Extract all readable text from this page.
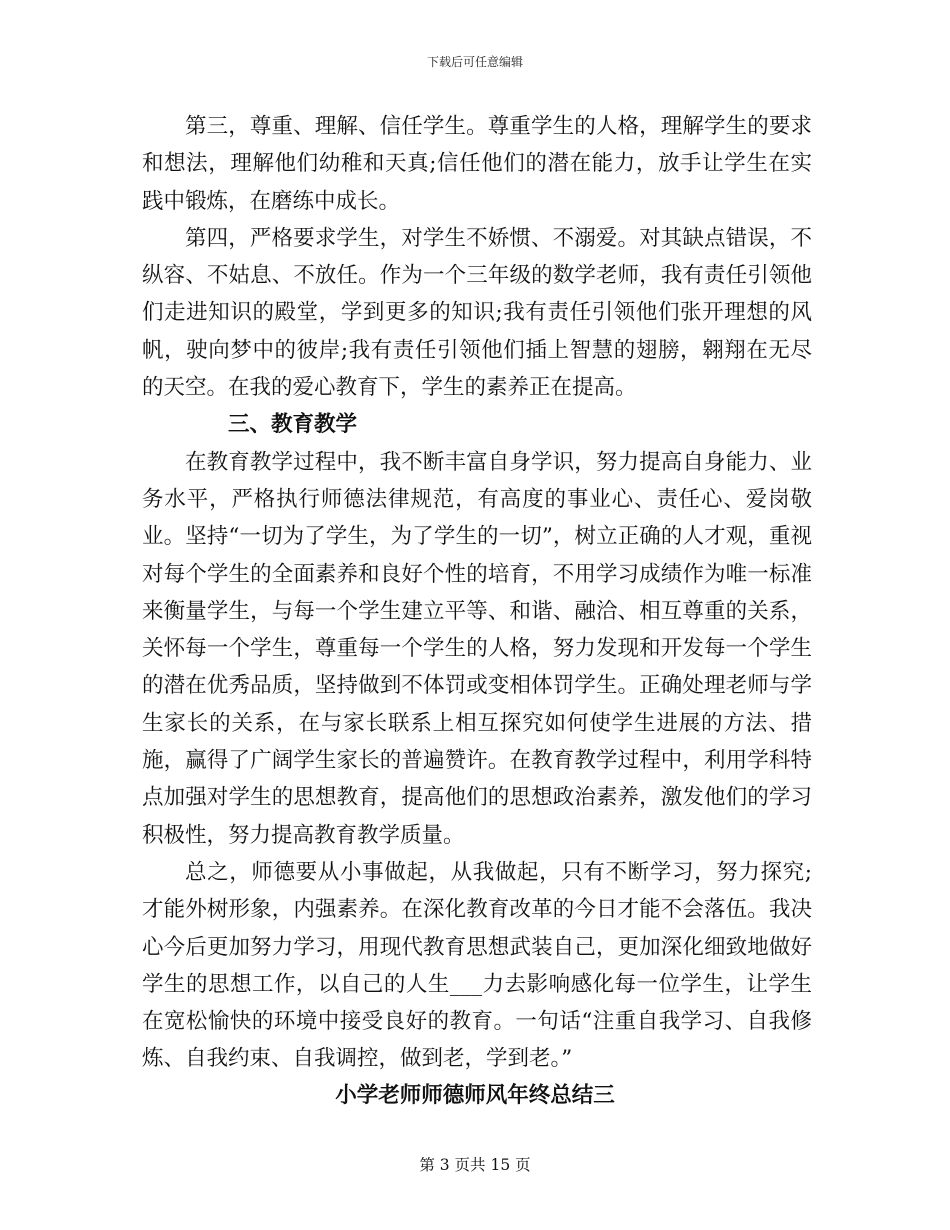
下载后可任意编辑

第三，尊重、理解、信任学生。尊重学生的人格，理解学生的要求和想法，理解他们幼稚和天真;信任他们的潜在能力，放手让学生在实践中锻炼，在磨练中成长。

第四，严格要求学生，对学生不娇惯、不溺爱。对其缺点错误，不纵容、不姑息、不放任。作为一个三年级的数学老师，我有责任引领他们走进知识的殿堂，学到更多的知识;我有责任引领他们张开理想的风帆，驶向梦中的彼岸;我有责任引领他们插上智慧的翅膀，翱翔在无尽的天空。在我的爱心教育下，学生的素养正在提高。

三、教育教学

在教育教学过程中，我不断丰富自身学识，努力提高自身能力、业务水平，严格执行师德法律规范，有高度的事业心、责任心、爱岗敬业。坚持“一切为了学生，为了学生的一切”，树立正确的人才观，重视对每个学生的全面素养和良好个性的培育，不用学习成绩作为唯一标准来衡量学生，与每一个学生建立平等、和谐、融洽、相互尊重的关系，关怀每一个学生，尊重每一个学生的人格，努力发现和开发每一个学生的潜在优秀品质，坚持做到不体罚或变相体罚学生。正确处理老师与学生家长的关系，在与家长联系上相互探究如何使学生进展的方法、措施，赢得了广阔学生家长的普遍赞许。在教育教学过程中，利用学科特点加强对学生的思想教育，提高他们的思想政治素养，激发他们的学习积极性，努力提高教育教学质量。

总之，师德要从小事做起，从我做起，只有不断学习，努力探究;才能外树形象，内强素养。在深化教育改革的今日才能不会落伍。我决心今后更加努力学习，用现代教育思想武装自己，更加深化细致地做好学生的思想工作，以自己的人生___力去影响感化每一位学生，让学生在宽松愉快的环境中接受良好的教育。一句话“注重自我学习、自我修炼、自我约束、自我调控，做到老，学到老。”

小学老师师德师风年终总结三
第 3 页共 15 页
